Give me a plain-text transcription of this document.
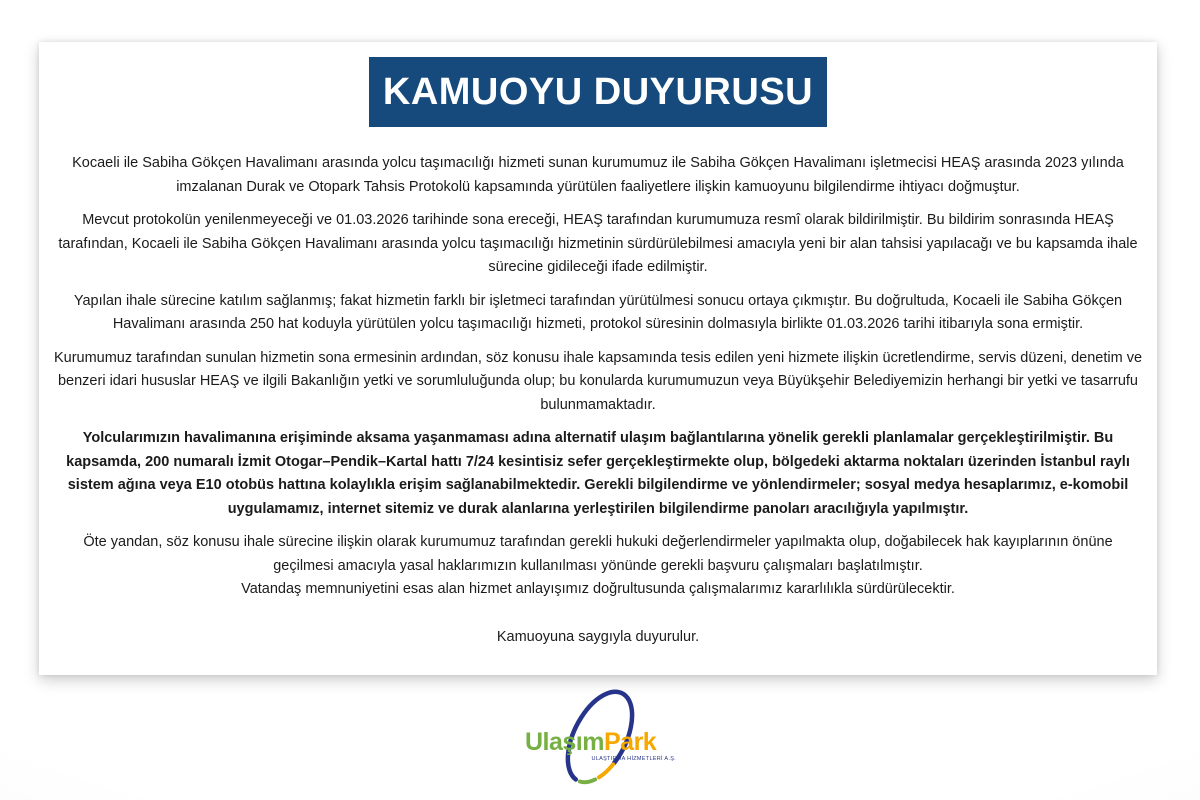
KAMUOYU DUYURUSU

Kocaeli ile Sabiha Gökçen Havalimanı arasında yolcu taşımacılığı hizmeti sunan kurumumuz ile Sabiha Gökçen Havalimanı işletmecisi HEAŞ arasında 2023 yılında imzalanan Durak ve Otopark Tahsis Protokolü kapsamında yürütülen faaliyetlere ilişkin kamuoyunu bilgilendirme ihtiyacı doğmuştur.

Mevcut protokolün yenilenmeyeceği ve 01.03.2026 tarihinde sona ereceği, HEAŞ tarafından kurumumuza resmî olarak bildirilmiştir. Bu bildirim sonrasında HEAŞ tarafından, Kocaeli ile Sabiha Gökçen Havalimanı arasında yolcu taşımacılığı hizmetinin sürdürülebilmesi amacıyla yeni bir alan tahsisi yapılacağı ve bu kapsamda ihale sürecine gidileceği ifade edilmiştir.

Yapılan ihale sürecine katılım sağlanmış; fakat hizmetin farklı bir işletmeci tarafından yürütülmesi sonucu ortaya çıkmıştır. Bu doğrultuda, Kocaeli ile Sabiha Gökçen Havalimanı arasında 250 hat koduyla yürütülen yolcu taşımacılığı hizmeti, protokol süresinin dolmasıyla birlikte 01.03.2026 tarihi itibarıyla sona ermiştir.

Kurumumuz tarafından sunulan hizmetin sona ermesinin ardından, söz konusu ihale kapsamında tesis edilen yeni hizmete ilişkin ücretlendirme, servis düzeni, denetim ve benzeri idari hususlar HEAŞ ve ilgili Bakanlığın yetki ve sorumluluğunda olup; bu konularda kurumumuzun veya Büyükşehir Belediyemizin herhangi bir yetki ve tasarrufu bulunmamaktadır.

Yolcularımızın havalimanına erişiminde aksama yaşanmaması adına alternatif ulaşım bağlantılarına yönelik gerekli planlamalar gerçekleştirilmiştir. Bu kapsamda, 200 numaralı İzmit Otogar–Pendik–Kartal hattı 7/24 kesintisiz sefer gerçekleştirmekte olup, bölgedeki aktarma noktaları üzerinden İstanbul raylı sistem ağına veya E10 otobüs hattına kolaylıkla erişim sağlanabilmektedir. Gerekli bilgilendirme ve yönlendirmeler; sosyal medya hesaplarımız, e-komobil uygulamamız, internet sitemiz ve durak alanlarına yerleştirilen bilgilendirme panoları aracılığıyla yapılmıştır.

Öte yandan, söz konusu ihale sürecine ilişkin olarak kurumumuz tarafından gerekli hukuki değerlendirmeler yapılmakta olup, doğabilecek hak kayıplarının önüne geçilmesi amacıyla yasal haklarımızın kullanılması yönünde gerekli başvuru çalışmaları başlatılmıştır.

Vatandaş memnuniyetini esas alan hizmet anlayışımız doğrultusunda çalışmalarımız kararlılıkla sürdürülecektir.

Kamuoyuna saygıyla duyurulur.

UlaşımPark
ULAŞTIRMA HİZMETLERİ A.Ş.
